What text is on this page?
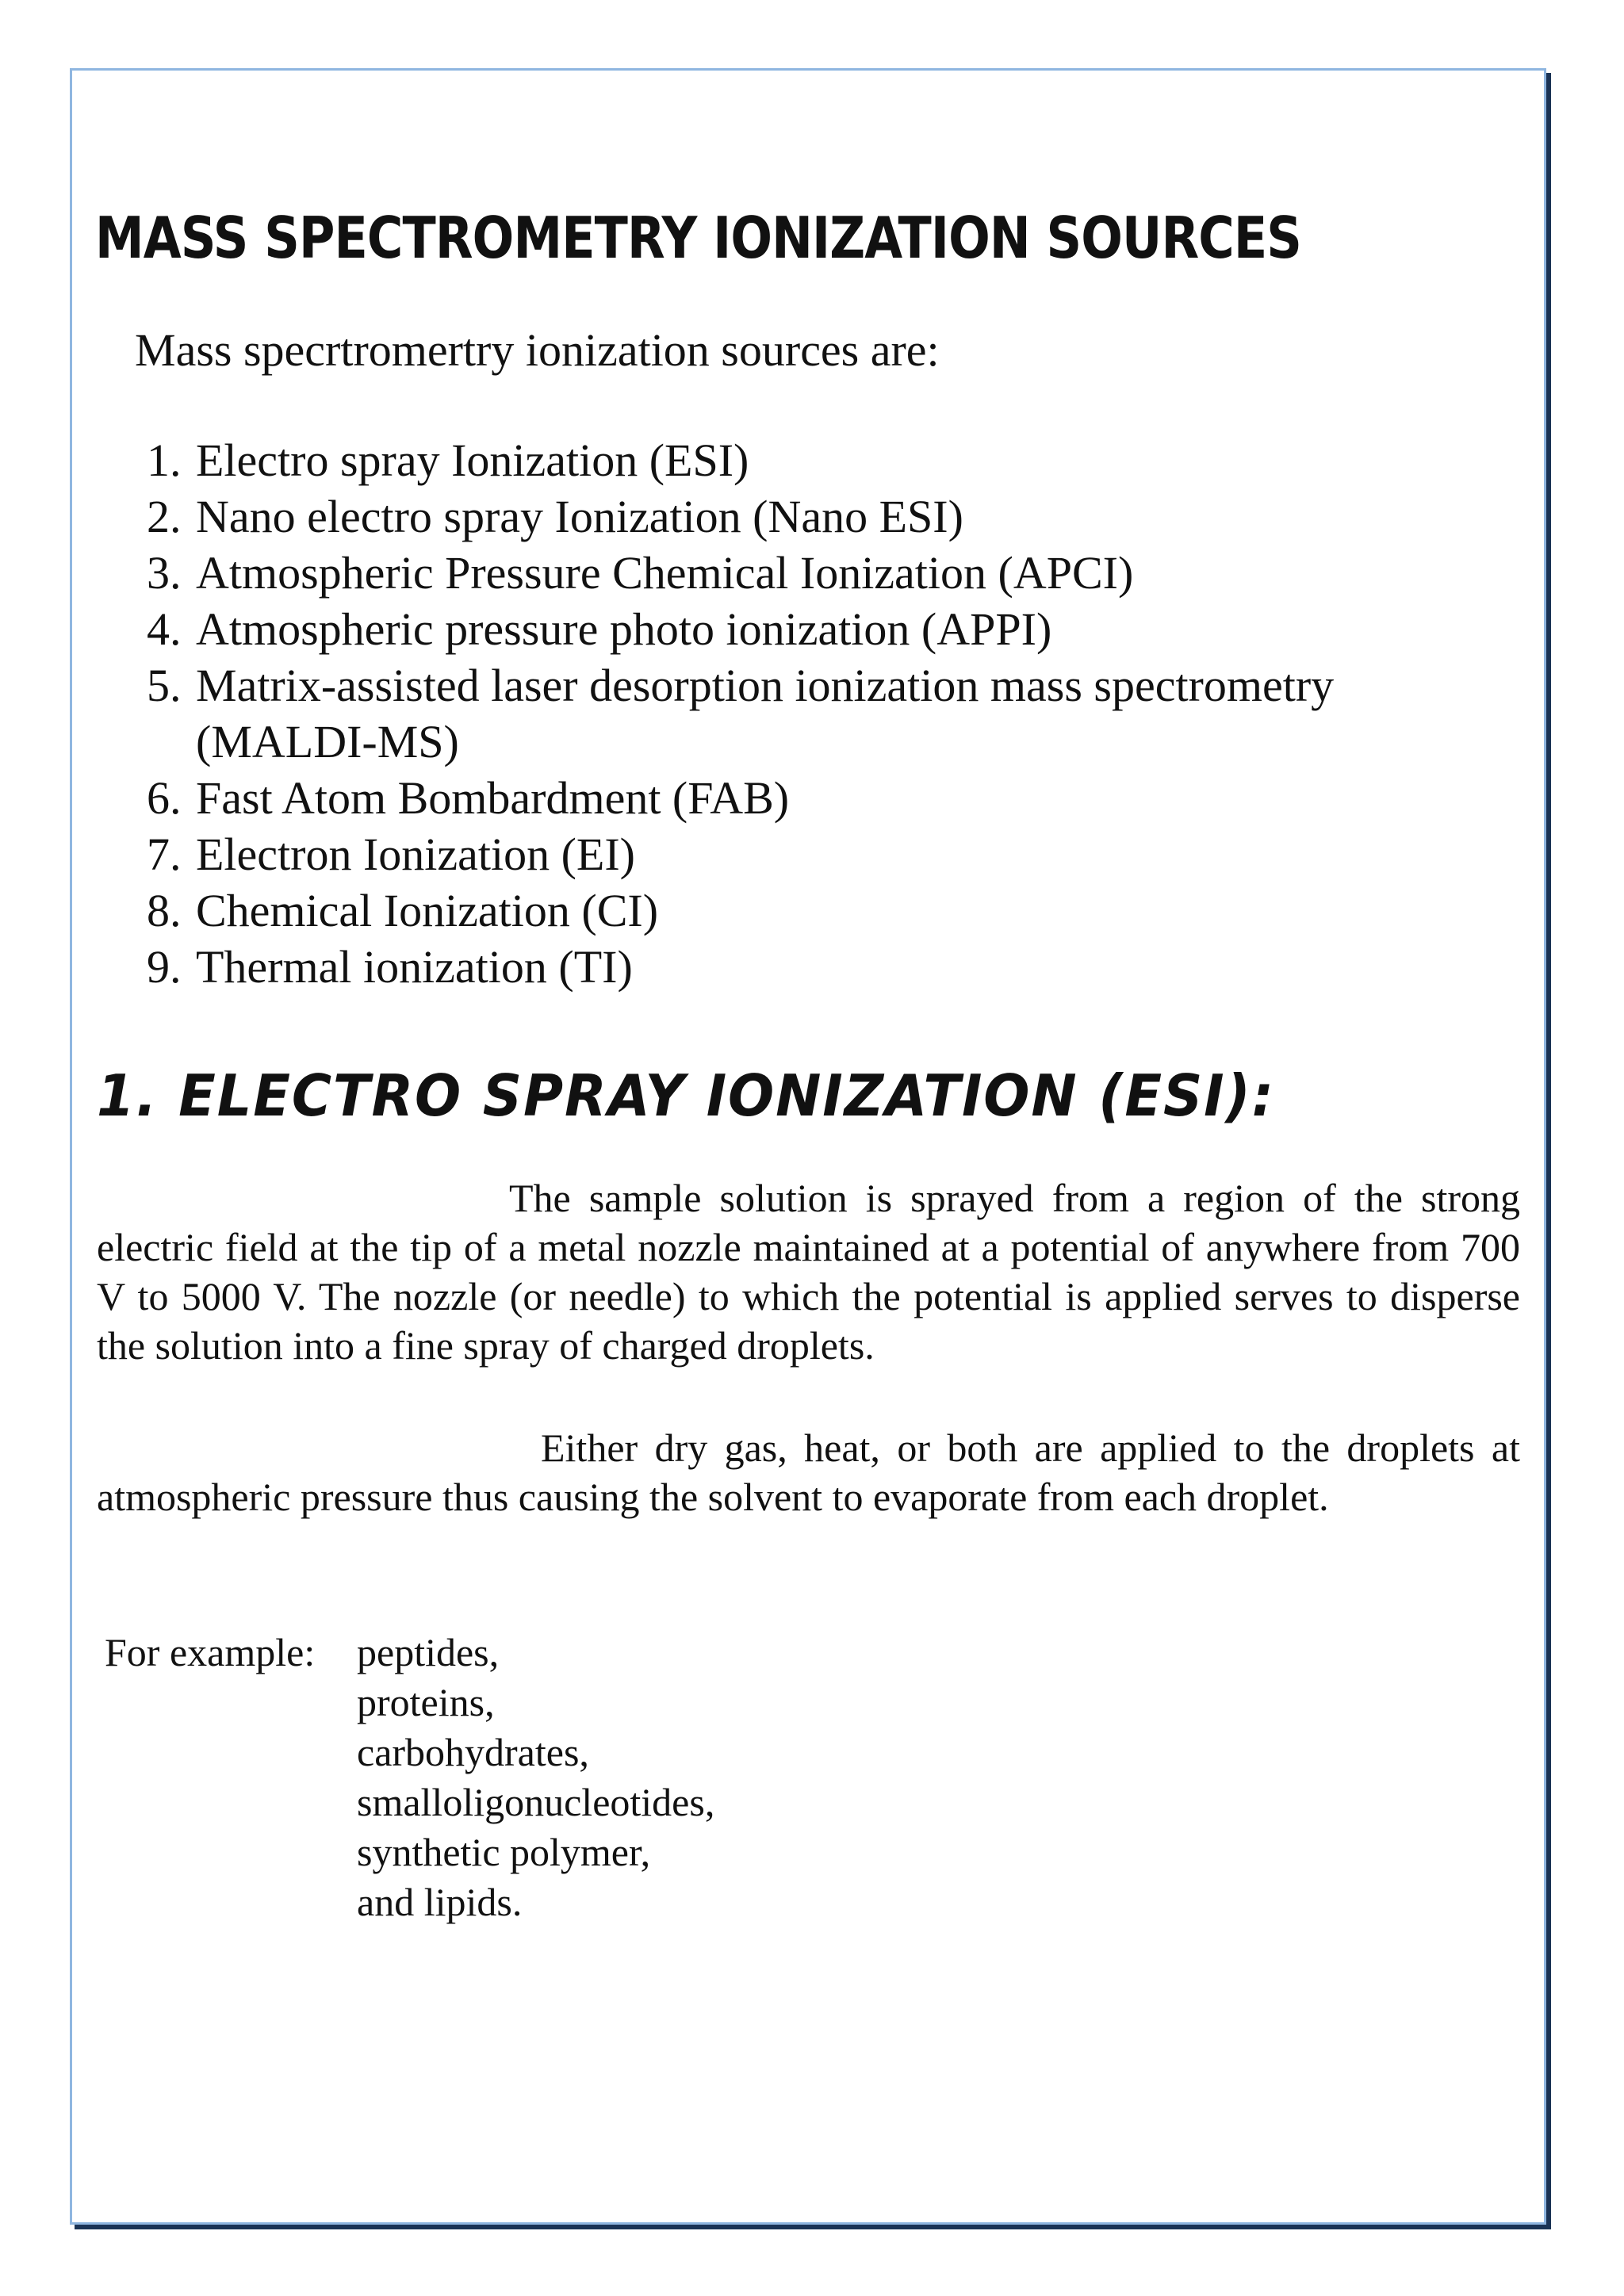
MASS SPECTROMETRY IONIZATION SOURCES

Mass specrtromertry ionization sources are:

1. Electro spray Ionization (ESI)
2. Nano electro spray Ionization (Nano ESI)
3. Atmospheric Pressure Chemical Ionization (APCI)
4. Atmospheric pressure photo ionization (APPI)
5. Matrix-assisted laser desorption ionization mass spectrometry (MALDI-MS)
6. Fast Atom Bombardment (FAB)
7. Electron Ionization (EI)
8. Chemical Ionization (CI)
9. Thermal ionization (TI)
1. ELECTRO SPRAY IONIZATION (ESI):

The sample solution is sprayed from a region of the strong electric field at the tip of a metal nozzle maintained at a potential of anywhere from 700 V to 5000 V. The nozzle (or needle) to which the potential is applied serves to disperse the solution into a fine spray of charged droplets.

Either dry gas, heat, or both are applied to the droplets at atmospheric pressure thus causing the solvent to evaporate from each droplet.

For example:	peptides,
proteins,
carbohydrates,
smalloligonucleotides,
synthetic polymer,
and lipids.
